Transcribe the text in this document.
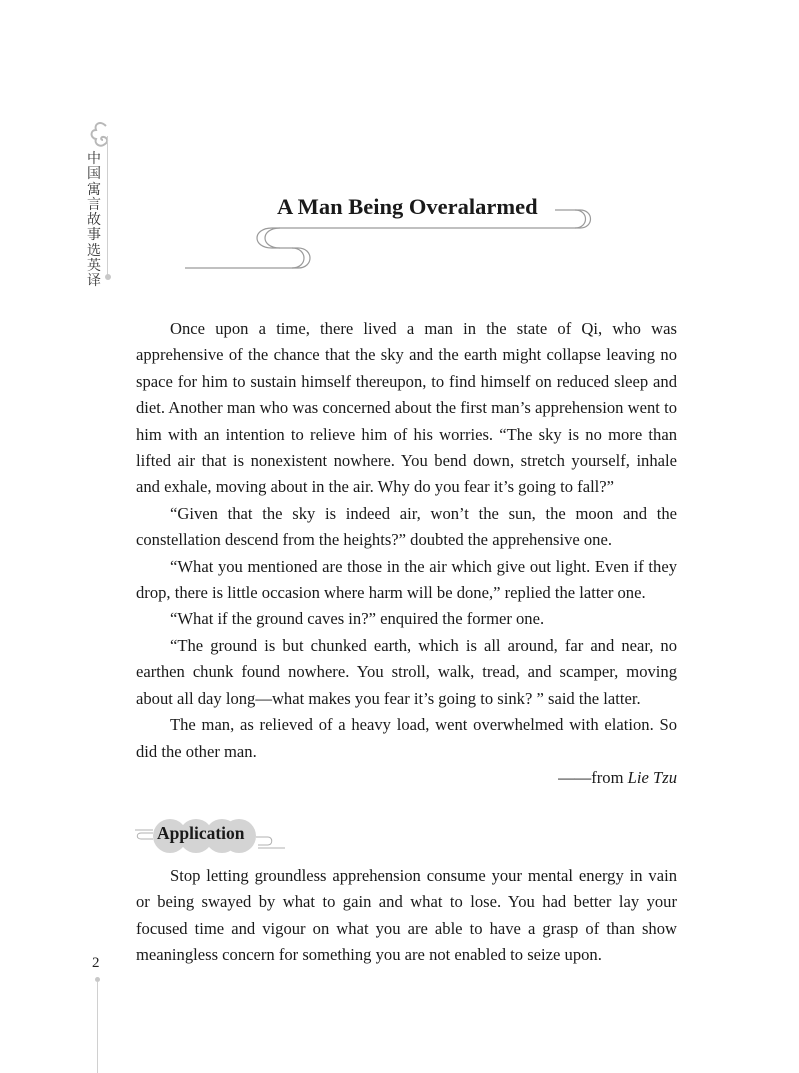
中
国
寓
言
故
事
选
英
译
A Man Being Overalarmed

Once upon a time, there lived a man in the state of Qi, who was apprehensive of the chance that the sky and the earth might collapse leaving no space for him to sustain himself thereupon, to find himself on reduced sleep and diet. Another man who was concerned about the first man’s apprehension went to him with an intention to relieve him of his worries. “The sky is no more than lifted air that is nonexistent nowhere. You bend down, stretch yourself, inhale and exhale, moving about in the air. Why do you fear it’s going to fall?”

“Given that the sky is indeed air, won’t the sun, the moon and the constellation descend from the heights?” doubted the apprehensive one.

“What you mentioned are those in the air which give out light. Even if they drop, there is little occasion where harm will be done,” replied the latter one.

“What if the ground caves in?” enquired the former one.

“The ground is but chunked earth, which is all around, far and near, no earthen chunk found nowhere. You stroll, walk, tread, and scamper, moving about all day long—what makes you fear it’s going to sink? ” said the latter.

The man, as relieved of a heavy load, went overwhelmed with elation. So did the other man.

——from Lie Tzu

Application

Stop letting groundless apprehension consume your mental energy in vain or being swayed by what to gain and what to lose. You had better lay your focused time and vigour on what you are able to have a grasp of than show meaningless concern for something you are not enabled to seize upon.

2
